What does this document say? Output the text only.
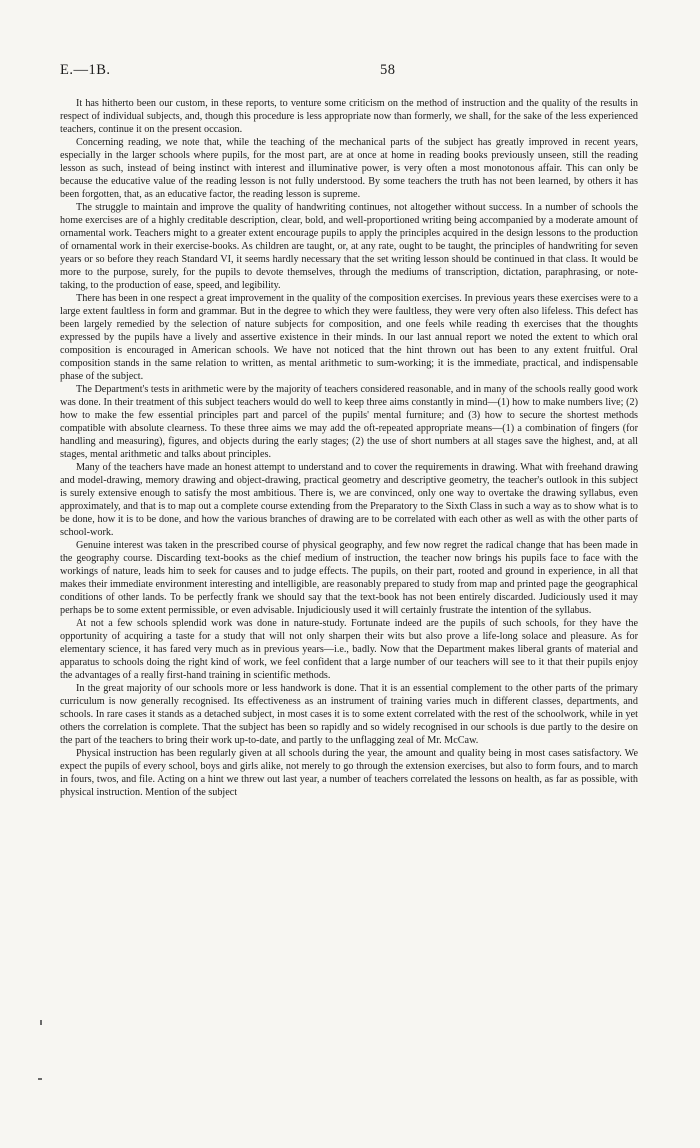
E.—1B.	58

It has hitherto been our custom, in these reports, to venture some criticism on the method of instruction and the quality of the results in respect of individual subjects, and, though this procedure is less appropriate now than formerly, we shall, for the sake of the less experienced teachers, continue it on the present occasion.

Concerning reading, we note that, while the teaching of the mechanical parts of the subject has greatly improved in recent years, especially in the larger schools where pupils, for the most part, are at once at home in reading books previously unseen, still the reading lesson as such, instead of being instinct with interest and illuminative power, is very often a most monotonous affair. This can only be because the educative value of the reading lesson is not fully understood. By some teachers the truth has not been learned, by others it has been forgotten, that, as an educative factor, the reading lesson is supreme.

The struggle to maintain and improve the quality of handwriting continues, not altogether without success. In a number of schools the home exercises are of a highly creditable description, clear, bold, and well-proportioned writing being accompanied by a moderate amount of ornamental work. Teachers might to a greater extent encourage pupils to apply the principles acquired in the design lessons to the production of ornamental work in their exercise-books. As children are taught, or, at any rate, ought to be taught, the principles of handwriting for seven years or so before they reach Standard VI, it seems hardly necessary that the set writing lesson should be continued in that class. It would be more to the purpose, surely, for the pupils to devote themselves, through the mediums of transcription, dictation, paraphrasing, or note-taking, to the production of ease, speed, and legibility.

There has been in one respect a great improvement in the quality of the composition exercises. In previous years these exercises were to a large extent faultless in form and grammar. But in the degree to which they were faultless, they were very often also lifeless. This defect has been largely remedied by the selection of nature subjects for composition, and one feels while reading th exercises that the thoughts expressed by the pupils have a lively and assertive existence in their minds. In our last annual report we noted the extent to which oral composition is encouraged in American schools. We have not noticed that the hint thrown out has been to any extent fruitful. Oral composition stands in the same relation to written, as mental arithmetic to sum-working; it is the immediate, practical, and indispensable phase of the subject.

The Department's tests in arithmetic were by the majority of teachers considered reasonable, and in many of the schools really good work was done. In their treatment of this subject teachers would do well to keep three aims constantly in mind—(1) how to make numbers live; (2) how to make the few essential principles part and parcel of the pupils' mental furniture; and (3) how to secure the shortest methods compatible with absolute clearness. To these three aims we may add the oft-repeated appropriate means—(1) a combination of fingers (for handling and measuring), figures, and objects during the early stages; (2) the use of short numbers at all stages save the highest, and, at all stages, mental arithmetic and talks about principles.

Many of the teachers have made an honest attempt to understand and to cover the requirements in drawing. What with freehand drawing and model-drawing, memory drawing and object-drawing, practical geometry and descriptive geometry, the teacher's outlook in this subject is surely extensive enough to satisfy the most ambitious. There is, we are convinced, only one way to overtake the drawing syllabus, even approximately, and that is to map out a complete course extending from the Preparatory to the Sixth Class in such a way as to show what is to be done, how it is to be done, and how the various branches of drawing are to be correlated with each other as well as with the other parts of school-work.

Genuine interest was taken in the prescribed course of physical geography, and few now regret the radical change that has been made in the geography course. Discarding text-books as the chief medium of instruction, the teacher now brings his pupils face to face with the workings of nature, leads him to seek for causes and to judge effects. The pupils, on their part, rooted and ground in experience, in all that makes their immediate environment interesting and intelligible, are reasonably prepared to study from map and printed page the geographical conditions of other lands. To be perfectly frank we should say that the text-book has not been entirely discarded. Judiciously used it may perhaps be to some extent permissible, or even advisable. Injudiciously used it will certainly frustrate the intention of the syllabus.

At not a few schools splendid work was done in nature-study. Fortunate indeed are the pupils of such schools, for they have the opportunity of acquiring a taste for a study that will not only sharpen their wits but also prove a life-long solace and pleasure. As for elementary science, it has fared very much as in previous years—i.e., badly. Now that the Department makes liberal grants of material and apparatus to schools doing the right kind of work, we feel confident that a large number of our teachers will see to it that their pupils enjoy the advantages of a really first-hand training in scientific methods.

In the great majority of our schools more or less handwork is done. That it is an essential complement to the other parts of the primary curriculum is now generally recognised. Its effectiveness as an instrument of training varies much in different classes, departments, and schools. In rare cases it stands as a detached subject, in most cases it is to some extent correlated with the rest of the schoolwork, while in yet others the correlation is complete. That the subject has been so rapidly and so widely recognised in our schools is due partly to the desire on the part of the teachers to bring their work up-to-date, and partly to the unflagging zeal of Mr. McCaw.

Physical instruction has been regularly given at all schools during the year, the amount and quality being in most cases satisfactory. We expect the pupils of every school, boys and girls alike, not merely to go through the extension exercises, but also to form fours, and to march in fours, twos, and file. Acting on a hint we threw out last year, a number of teachers correlated the lessons on health, as far as possible, with physical instruction. Mention of the subject
